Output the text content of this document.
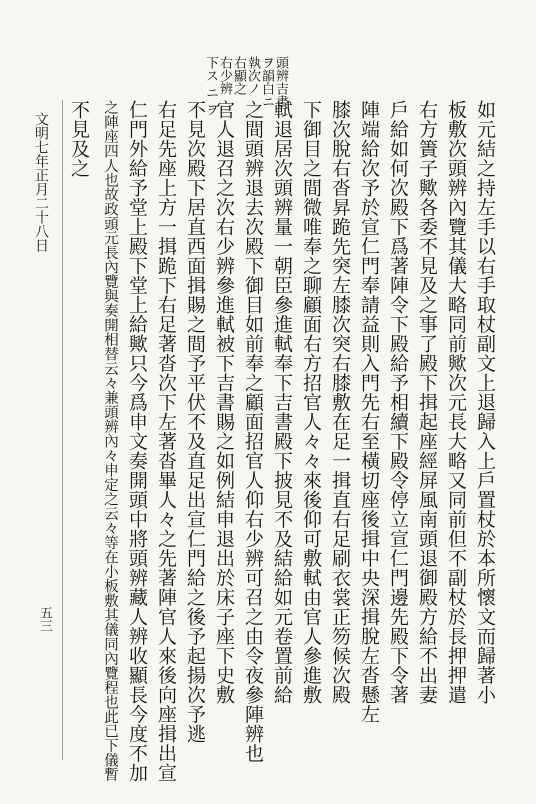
頭辨吉書
ヲ韻白ニ
執次ノ
右顯之
右少辨
下ス ニ ヲ
如元結之持左手以右手取杖副文上退歸入上戶置杖於本所懷文而歸著小
板敷次頭辨內覽其儀大略同前歟次元長大略又同前但不副杖於長押押遣
右方簀子歟各委不見及之事了殿下揖起座經屏風南頭退御殿方給不出妻
戶給如何次殿下爲著陣令下殿給予相續下殿令停立宣仁門邊先殿下令著
陣端給次予於宣仁門奉請益則入門先右至橫切座後揖中央深揖脫左沓懸左
膝次脫右沓昇跪先突左膝次突右膝敷在足一揖直右足刷衣裳正笏候次殿
下御目之間微唯奉之聊顧面右方招官人々々來後仰可敷軾由官人參進敷
軾退居次頭辨量一朝臣參進軾奉下吉書殿下披見不及結給如元卷置前給
之間頭辨退去次殿下御目如前奉之顧面招官人仰右少辨可召之由令夜參陣辨也
官人退召之次右少辨參進軾被下吉書賜之如例結申退出於床子座下史敷
不見次殿下居直西面揖賜之間予平伏不及直足出宣仁門給之後予起揚次予逃
右足先座上方一揖跪下右足著沓次下左著沓畢人々之先著陣官人來後向座揖出宣
仁門外給予堂上殿下堂上給歟只今爲申文奏開頭中將頭辨藏人辨收顯長今度不加
之陣座四人也故政頭元長內覽與奏開相替云々兼頭辨內々申定之云々等在小板敷其儀同內覽程也此已下儀暫
不見及之
文明七年正月二十八日
五三
